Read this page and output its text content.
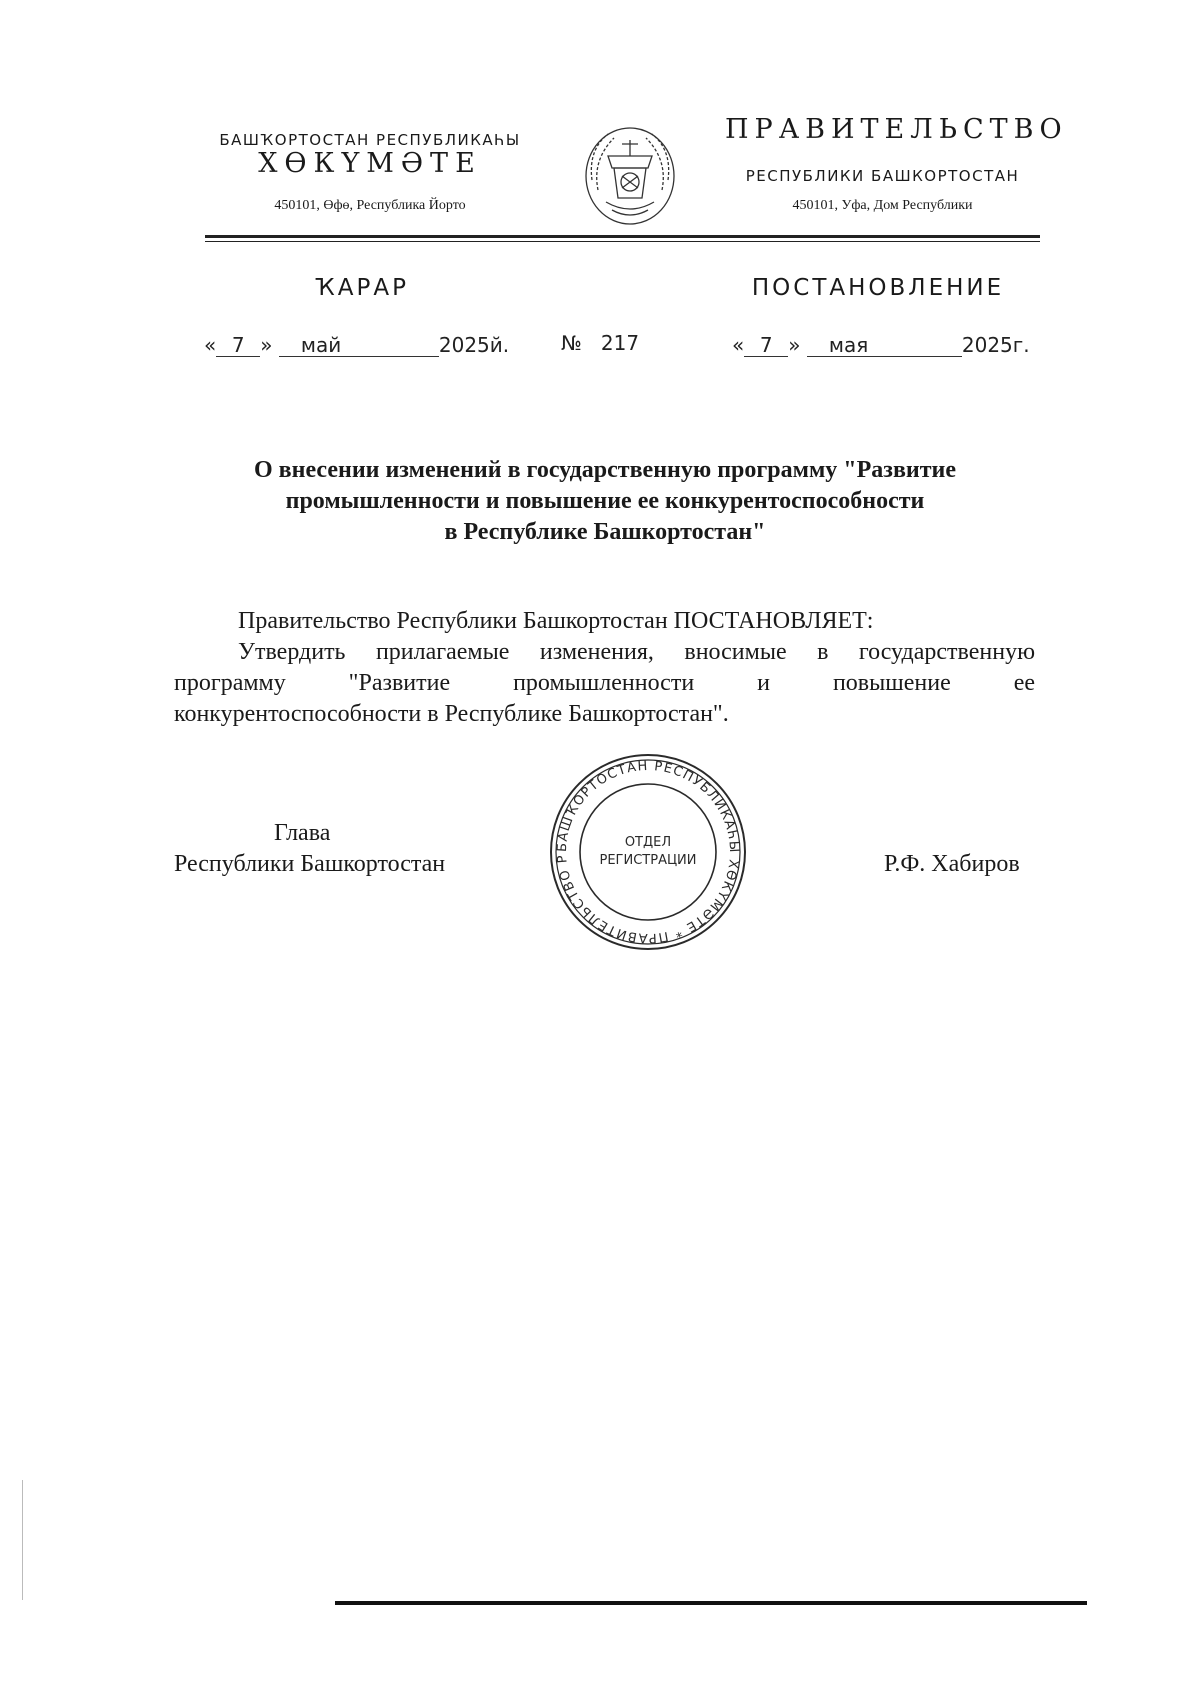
БАШҠОРТОСТАН РЕСПУБЛИКАҺЫ
ХӨКҮМӘТЕ
450101, Өфө, Республика Йорто
ПРАВИТЕЛЬСТВО
РЕСПУБЛИКИ БАШКОРТОСТАН
450101, Уфа, Дом Республики
ҠАРАР	ПОСТАНОВЛЕНИЕ
« 7 » май	2025й.	№ 217	« 7 » мая	2025г.
О внесении изменений в государственную программу "Развитие
промышленности и повышение ее конкурентоспособности
в Республике Башкортостан"
Правительство Республики Башкортостан ПОСТАНОВЛЯЕТ:
Утвердить прилагаемые изменения, вносимые в государственную
программу "Развитие промышленности и повышение ее
конкурентоспособности в Республике Башкортостан".
Глава
Республики Башкортостан	Р.Ф. Хабиров
БАШҠОРТОСТАН РЕСПУБЛИКАҺЫ ХӨКҮМӘТЕ * ПРАВИТЕЛЬСТВО Р
ОТДЕЛ
РЕГИСТРАЦИИ
